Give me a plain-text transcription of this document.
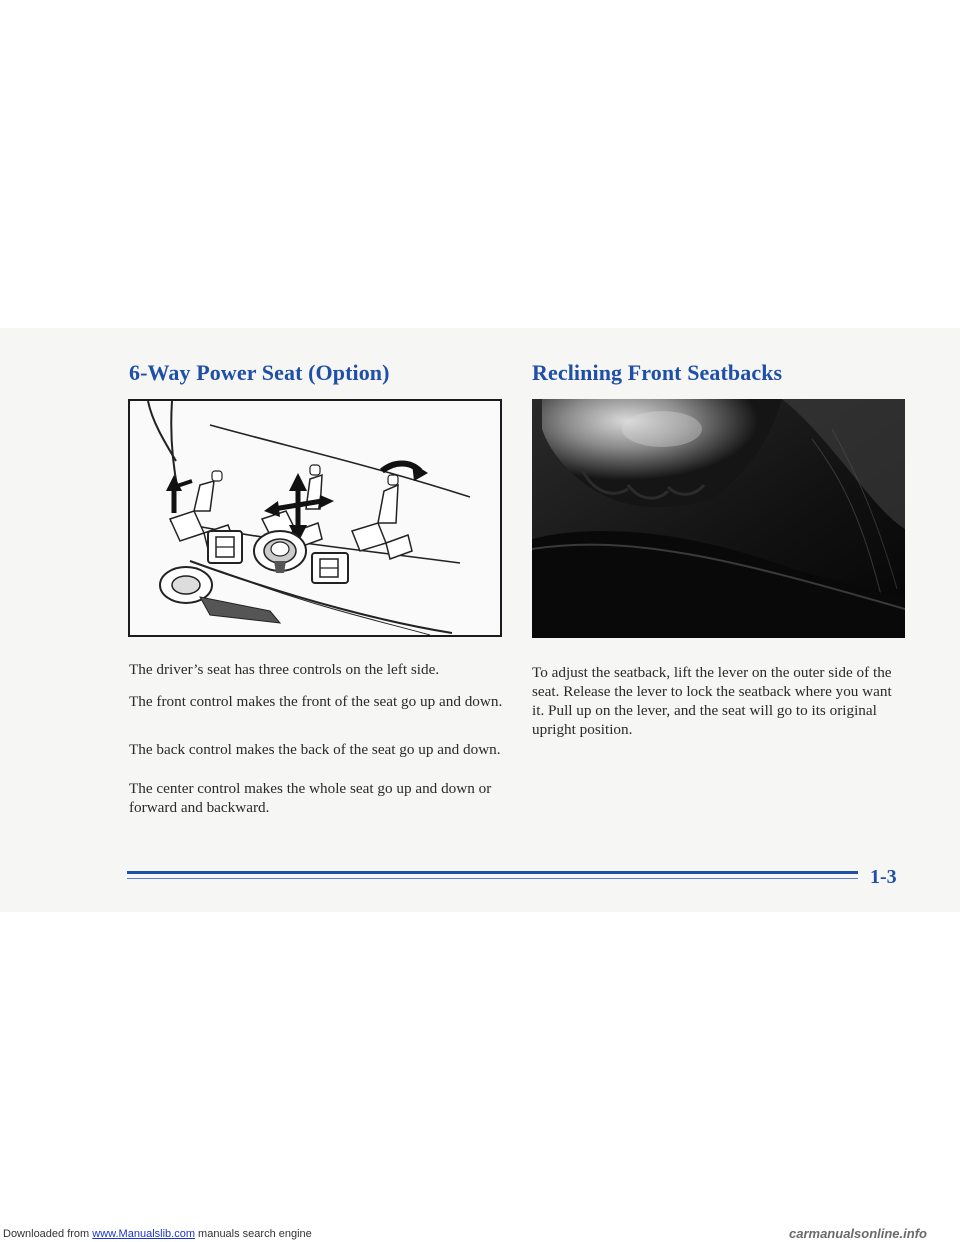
6-Way Power Seat (Option)

The driver’s seat has three controls on the left side.

The front control makes the front of the seat go up and down.

The back control makes the back of the seat go up and down.

The center control makes the whole seat go up and down or forward and backward.

Reclining Front Seatbacks

To adjust the seatback, lift the lever on the outer side of the seat. Release the lever to lock the seatback where you want it. Pull up on the lever, and the seat will go to its original upright position.

1-3
Downloaded from www.Manualslib.com manuals search engine	carmanualsonline.info
